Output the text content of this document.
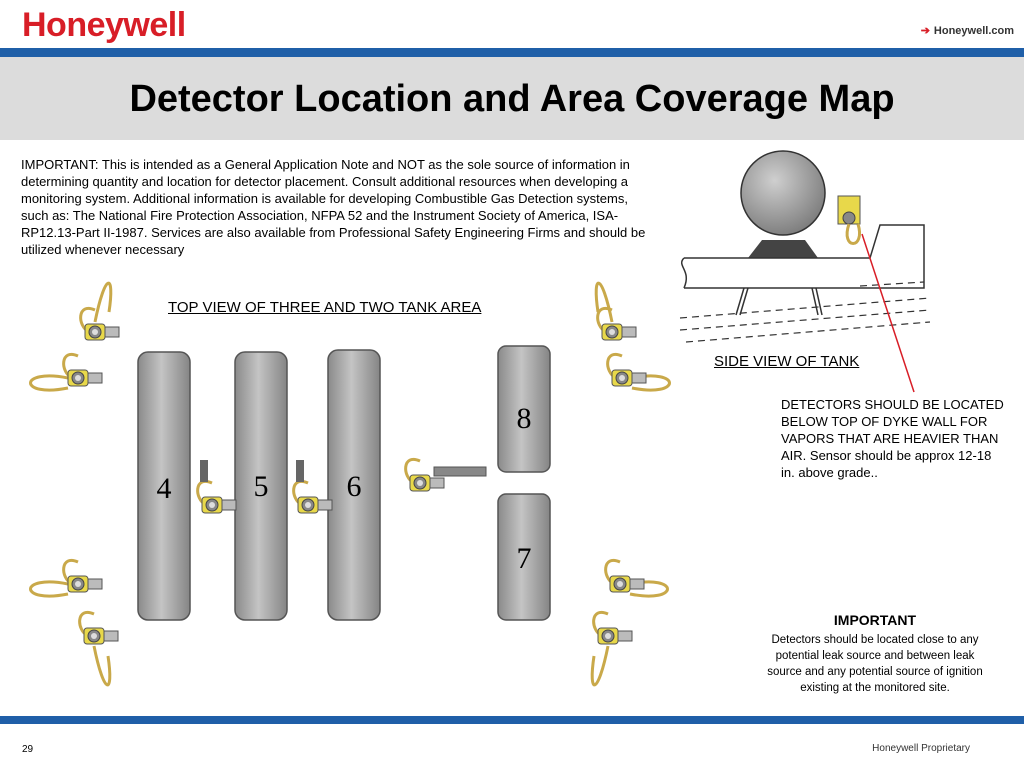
Honeywell	➔ Honeywell.com
Detector Location and Area Coverage Map
IMPORTANT: This is intended as a General Application Note and NOT as the sole source of information in determining quantity and location for detector placement. Consult additional resources when developing a monitoring system. Additional information is available for developing Combustible Gas Detection systems, such as: The National Fire Protection Association, NFPA 52 and the Instrument Society of America, ISA-RP12.13-Part II-1987. Services are also available from Professional Safety Engineering Firms and should be utilized whenever necessary
4	5	6
8
7
TOP VIEW OF THREE AND TWO TANK AREA
SIDE VIEW OF TANK
DETECTORS SHOULD BE LOCATED BELOW TOP OF DYKE WALL FOR VAPORS THAT ARE HEAVIER THAN AIR. Sensor should be approx 12-18 in. above grade..
IMPORTANT
Detectors should be located close to any potential leak source and between leak source and any potential source of ignition existing at the monitored site.
29	Honeywell Proprietary
